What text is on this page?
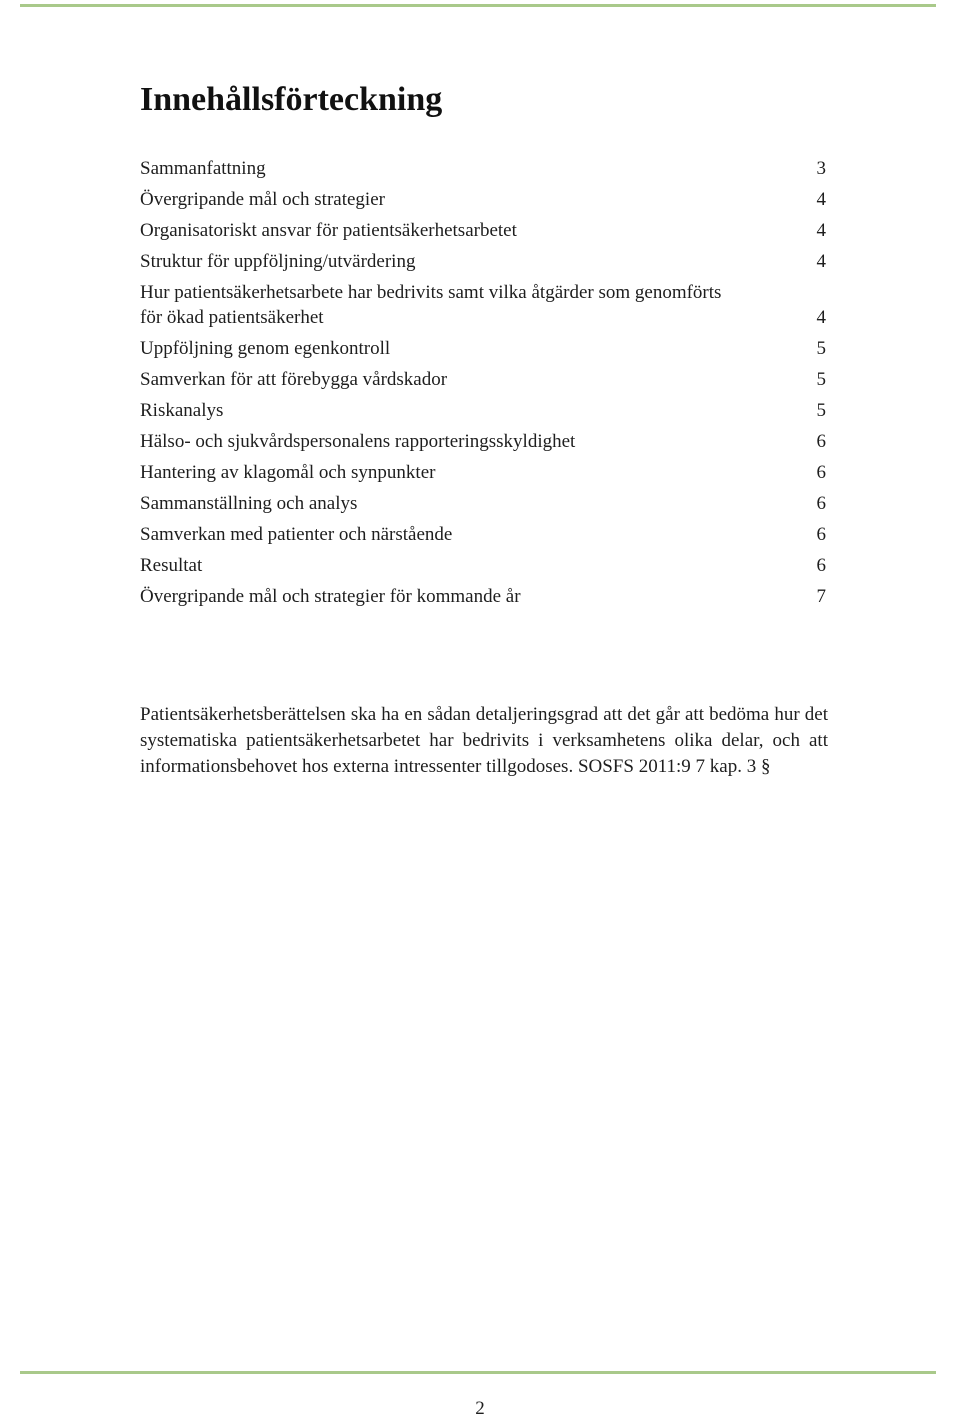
Innehållsförteckning
Sammanfattning	3
Övergripande mål och strategier	4
Organisatoriskt ansvar för patientsäkerhetsarbetet	4
Struktur för uppföljning/utvärdering	4
Hur patientsäkerhetsarbete har bedrivits samt vilka åtgärder som genomförts för ökad patientsäkerhet	4
Uppföljning genom egenkontroll	5
Samverkan för att förebygga vårdskador	5
Riskanalys	5
Hälso- och sjukvårdspersonalens rapporteringsskyldighet	6
Hantering av klagomål och synpunkter	6
Sammanställning och analys	6
Samverkan med patienter och närstående	6
Resultat	6
Övergripande mål och strategier för kommande år	7

Patientsäkerhetsberättelsen ska ha en sådan detaljeringsgrad att det går att bedöma hur det systematiska patientsäkerhetsarbetet har bedrivits i verksamhetens olika delar, och att informationsbehovet hos externa intressenter tillgodoses. SOSFS 2011:9 7 kap. 3 §

2
